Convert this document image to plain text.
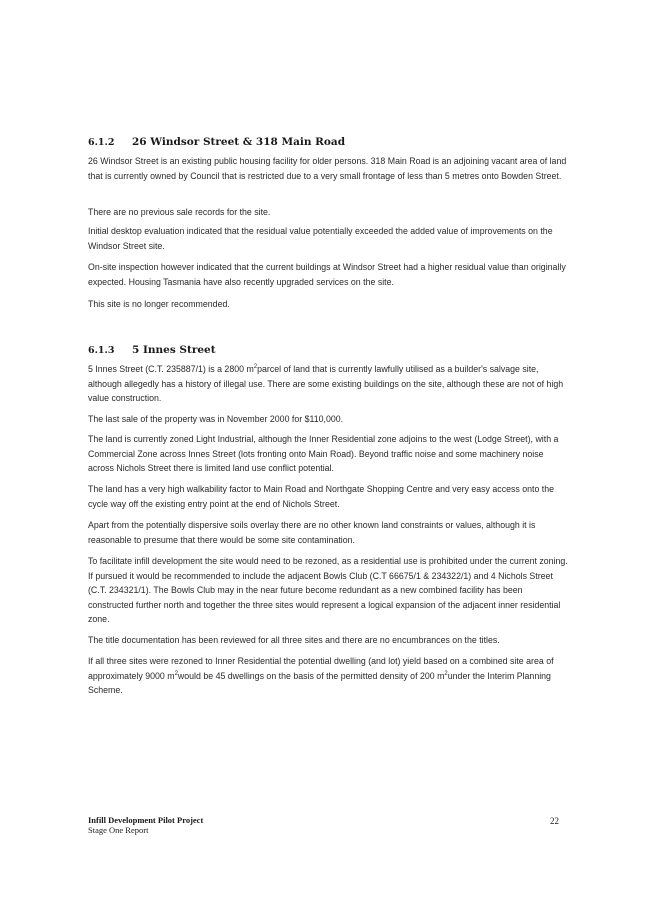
6.1.2 26 Windsor Street & 318 Main Road

26 Windsor Street is an existing public housing facility for older persons. 318 Main Road is an adjoining vacant area of land that is currently owned by Council that is restricted due to a very small frontage of less than 5 metres onto Bowden Street.

There are no previous sale records for the site.

Initial desktop evaluation indicated that the residual value potentially exceeded the added value of improvements on the Windsor Street site.

On-site inspection however indicated that the current buildings at Windsor Street had a higher residual value than originally expected. Housing Tasmania have also recently upgraded services on the site.

This site is no longer recommended.

6.1.3 5 Innes Street

5 Innes Street (C.T. 235887/1) is a 2800 $m^2parcel$ of land that is currently lawfully utilised as a builder's salvage site, although allegedly has a history of illegal use. There are some existing buildings on the site, although these are not of high value construction.

The last sale of the property was in November 2000 for $110,000.

The land is currently zoned Light Industrial, although the Inner Residential zone adjoins to the west (Lodge Street), with a Commercial Zone across Innes Street (lots fronting onto Main Road). Beyond traffic noise and some machinery noise across Nichols Street there is limited land use conflict potential.

The land has a very high walkability factor to Main Road and Northgate Shopping Centre and very easy access onto the cycle way off the existing entry point at the end of Nichols Street.

Apart from the potentially dispersive soils overlay there are no other known land constraints or values, although it is reasonable to presume that there would be some site contamination.

To facilitate infill development the site would need to be rezoned, as a residential use is prohibited under the current zoning. If pursued it would be recommended to include the adjacent Bowls Club (C.T 66675/1 & 234322/1) and 4 Nichols Street (C.T. 234321/1). The Bowls Club may in the near future become redundant as a new combined facility has been constructed further north and together the three sites would represent a logical expansion of the adjacent inner residential zone.

The title documentation has been reviewed for all three sites and there are no encumbrances on the titles.

If all three sites were rezoned to Inner Residential the potential dwelling (and lot) yield based on a combined site area of approximately 9000 $m^2would$ be 45 dwellings on the basis of the permitted density of 200 $m^2under$ the Interim Planning Scheme.

Infill Development Pilot Project
Stage One Report
22
